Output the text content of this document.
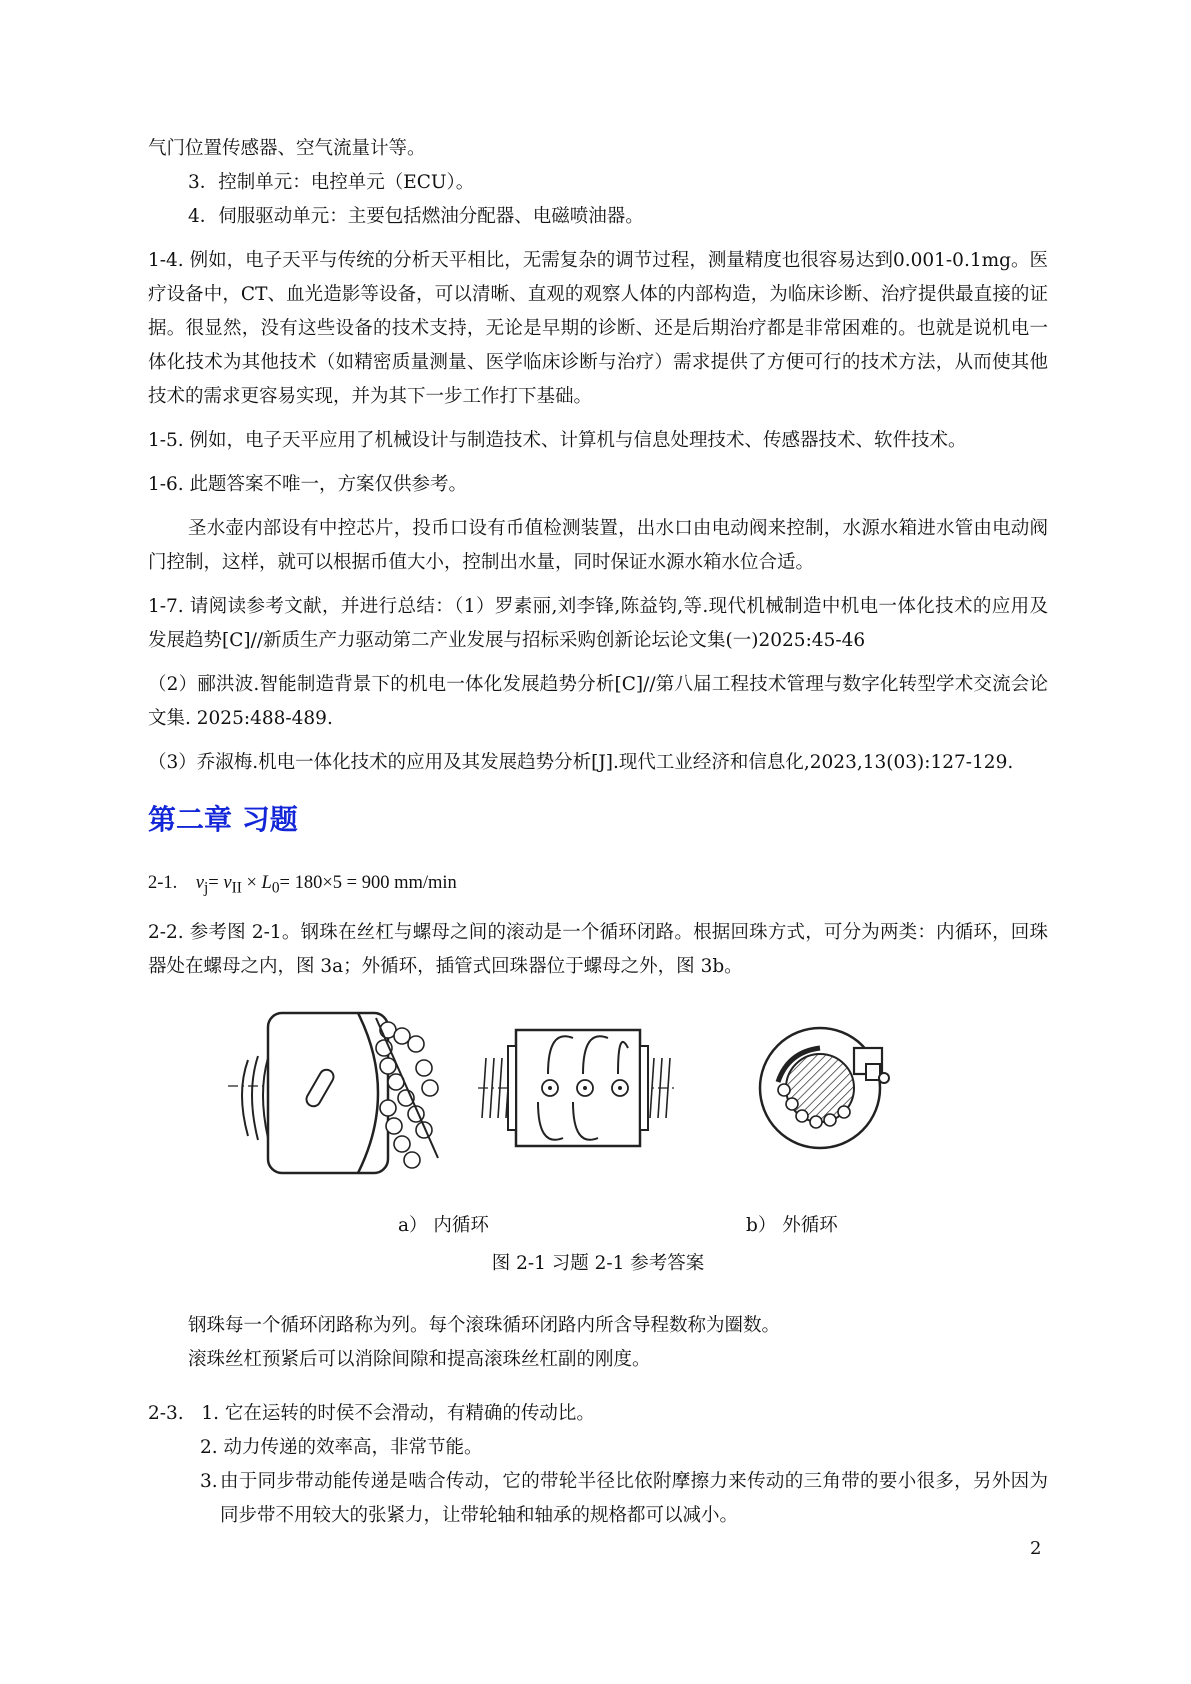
气门位置传感器、空气流量计等。

3．控制单元：电控单元（ECU）。

4．伺服驱动单元：主要包括燃油分配器、电磁喷油器。

1-4. 例如，电子天平与传统的分析天平相比，无需复杂的调节过程，测量精度也很容易达到0.001-0.1mg。医疗设备中，CT、血光造影等设备，可以清晰、直观的观察人体的内部构造，为临床诊断、治疗提供最直接的证据。很显然，没有这些设备的技术支持，无论是早期的诊断、还是后期治疗都是非常困难的。也就是说机电一体化技术为其他技术（如精密质量测量、医学临床诊断与治疗）需求提供了方便可行的技术方法，从而使其他技术的需求更容易实现，并为其下一步工作打下基础。

1-5. 例如，电子天平应用了机械设计与制造技术、计算机与信息处理技术、传感器技术、软件技术。

1-6. 此题答案不唯一，方案仅供参考。

圣水壶内部设有中控芯片，投币口设有币值检测装置，出水口由电动阀来控制，水源水箱进水管由电动阀门控制，这样，就可以根据币值大小，控制出水量，同时保证水源水箱水位合适。

1-7. 请阅读参考文献，并进行总结：（1）罗素丽,刘李锋,陈益钧,等.现代机械制造中机电一体化技术的应用及发展趋势[C]//新质生产力驱动第二产业发展与招标采购创新论坛论文集(一)2025:45-46

（2）郦洪波.智能制造背景下的机电一体化发展趋势分析[C]//第八届工程技术管理与数字化转型学术交流会论文集. 2025:488-489.

（3）乔淑梅.机电一体化技术的应用及其发展趋势分析[J].现代工业经济和信息化,2023,13(03):127-129.

第二章 习题

2-1. $v_j= v_{II} \times L_0= 180\times 5 = 900$ mm/min

2-2. 参考图 2-1。钢珠在丝杠与螺母之间的滚动是一个循环闭路。根据回珠方式，可分为两类：内循环，回珠器处在螺母之内，图 3a；外循环，插管式回珠器位于螺母之外，图 3b。

a） 内循环	b） 外循环

图 2-1 习题 2-1 参考答案

钢珠每一个循环闭路称为列。每个滚珠循环闭路内所含导程数称为圈数。

滚珠丝杠预紧后可以消除间隙和提高滚珠丝杠副的刚度。

2-3. 1. 它在运转的时侯不会滑动，有精确的传动比。

2. 动力传递的效率高，非常节能。

3. 由于同步带动能传递是啮合传动，它的带轮半径比依附摩擦力来传动的三角带的要小很多，另外因为同步带不用较大的张紧力，让带轮轴和轴承的规格都可以减小。
2
